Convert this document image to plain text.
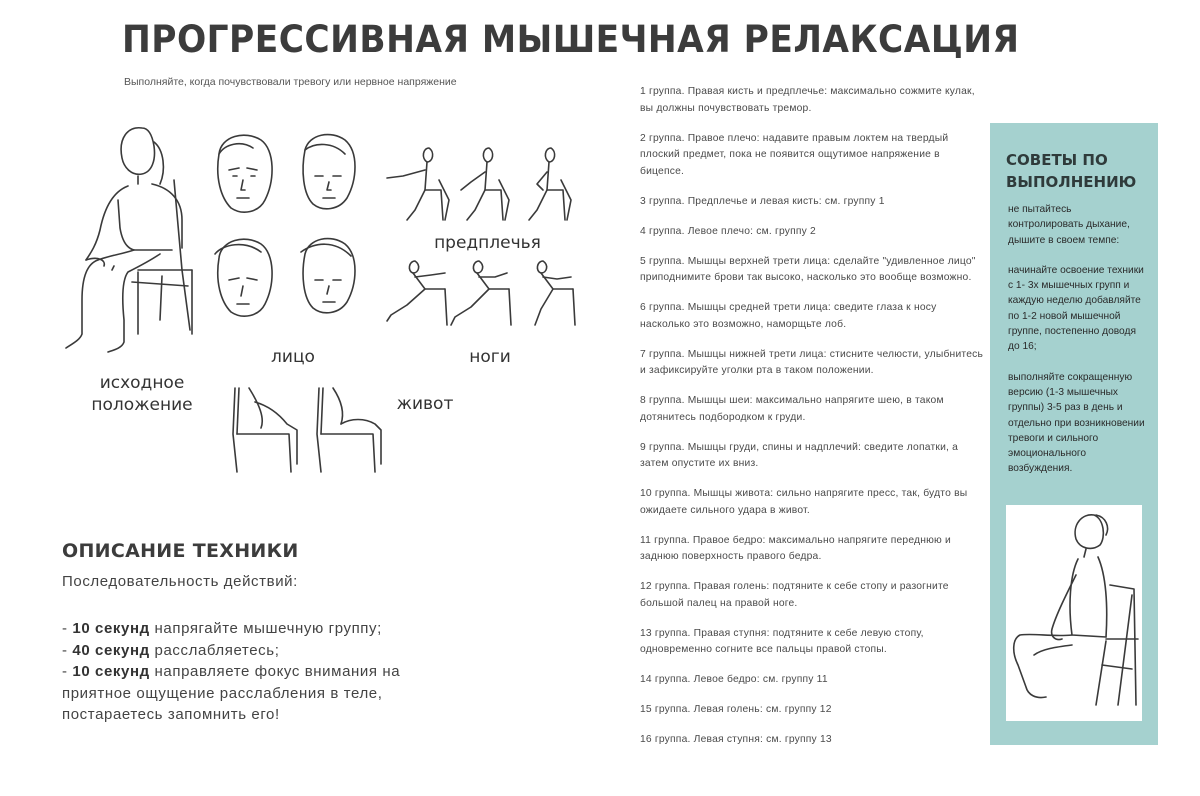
ПРОГРЕССИВНАЯ МЫШЕЧНАЯ РЕЛАКСАЦИЯ
Выполняйте, когда почувствовали тревогу или нервное напряжение
исходное положение
лицо
предплечья
ноги
живот
ОПИСАНИЕ ТЕХНИКИ
Последовательность действий:
- 10 секунд напрягайте мышечную группу;
- 40 секунд расслабляетесь;
- 10 секунд направляете фокус внимания на приятное ощущение расслабления в теле, постараетесь запомнить его!
1 группа. Правая кисть и предплечье: максимально сожмите кулак, вы должны почувствовать тремор.
2 группа. Правое плечо: надавите правым локтем на твердый плоский предмет, пока не появится ощутимое напряжение в бицепсе.
3 группа. Предплечье и левая кисть: см. группу 1
4 группа. Левое плечо: см. группу 2
5 группа. Мышцы верхней трети лица: сделайте "удивленное лицо" приподнимите брови так высоко, насколько это вообще возможно.
6 группа. Мышцы средней трети лица: сведите глаза к носу насколько это возможно, наморщьте лоб.
7 группа. Мышцы нижней трети лица: стисните челюсти, улыбнитесь и зафиксируйте уголки рта в таком положении.
8 группа. Мышцы шеи: максимально напрягите шею, в таком дотянитесь подбородком к груди.
9 группа. Мышцы груди, спины и надплечий: сведите лопатки, а затем опустите их вниз.
10 группа. Мышцы живота: сильно напрягите пресс, так, будто вы ожидаете сильного удара в живот.
11 группа. Правое бедро: максимально напрягите переднюю и заднюю поверхность правого бедра.
12 группа. Правая голень: подтяните к себе стопу и разогните большой палец на правой ноге.
13 группа. Правая ступня: подтяните к себе левую стопу, одновременно согните все пальцы правой стопы.
14 группа. Левое бедро: см. группу 11
15 группа. Левая голень: см. группу 12
16 группа. Левая ступня: см. группу 13
СОВЕТЫ ПО
ВЫПОЛНЕНИЮ
не пытайтесь контролировать дыхание, дышите в своем темпе:
начинайте освоение техники с 1- 3х мышечных групп и каждую неделю добавляйте по 1-2 новой мышечной группе, постепенно доводя до 16;
выполняйте сокращенную версию (1-3 мышечных группы) 3-5 раз в день и отдельно при возникновении тревоги и сильного эмоционального возбуждения.
